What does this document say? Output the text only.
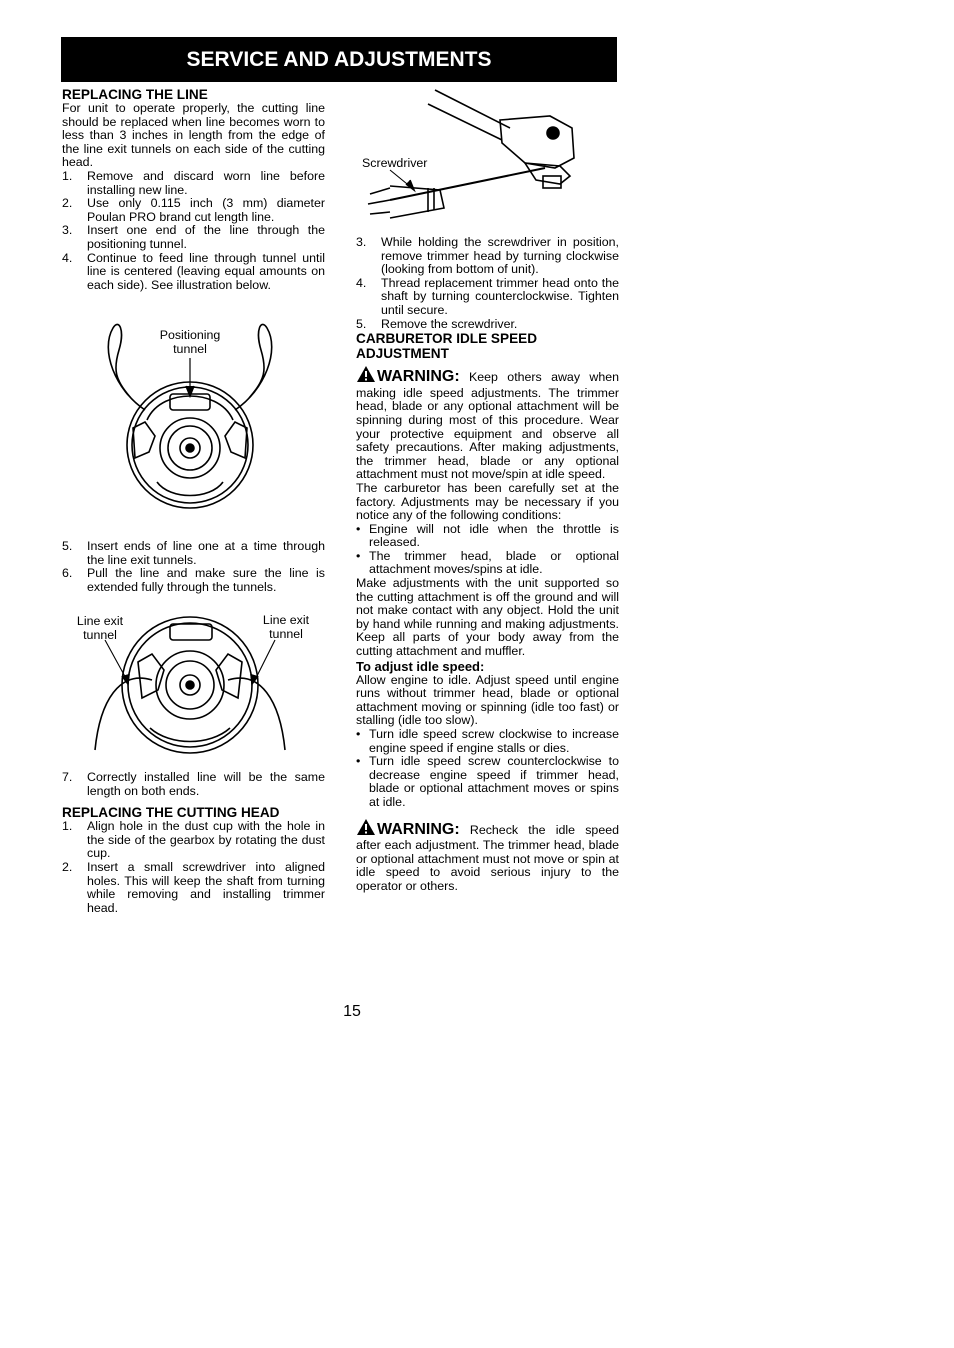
SERVICE AND ADJUSTMENTS
REPLACING THE LINE

For unit to operate properly, the cutting line should be replaced when line becomes worn to less than 3 inches in length from the edge of the line exit tunnels on each side of the cutting head.

1. Remove and discard worn line before installing new line.
2. Use only 0.115 inch (3 mm) diameter Poulan PRO brand cut length line.
3. Insert one end of the line through the positioning tunnel.
4. Continue to feed line through tunnel until line is centered (leaving equal amounts on each side). See illustration below.
Positioning tunnel
5. Insert ends of line one at a time through the line exit tunnels.
6. Pull the line and make sure the line is extended fully through the tunnels.
Line exit tunnel
Line exit tunnel
7. Correctly installed line will be the same length on both ends.
REPLACING THE CUTTING HEAD
1. Align hole in the dust cup with the hole in the side of the gearbox by rotating the dust cup.
2. Insert a small screwdriver into aligned holes. This will keep the shaft from turning while removing and installing trimmer head.
Screwdriver
3. While holding the screwdriver in position, remove trimmer head by turning clockwise (looking from bottom of unit).
4. Thread replacement trimmer head onto the shaft by turning counterclockwise. Tighten until secure.
5. Remove the screwdriver.
CARBURETOR IDLE SPEED ADJUSTMENT

WARNING: Keep others away when making idle speed adjustments. The trimmer head, blade or any optional attachment will be spinning during most of this procedure. Wear your protective equipment and observe all safety precautions. After making adjustments, the trimmer head, blade or any optional attachment must not move/spin at idle speed.

The carburetor has been carefully set at the factory. Adjustments may be necessary if you notice any of the following conditions:

• Engine will not idle when the throttle is released.
• The trimmer head, blade or optional attachment moves/spins at idle.

Make adjustments with the unit supported so the cutting attachment is off the ground and will not make contact with any object. Hold the unit by hand while running and making adjustments. Keep all parts of your body away from the cutting attachment and muffler.

To adjust idle speed:

Allow engine to idle. Adjust speed until engine runs without trimmer head, blade or optional attachment moving or spinning (idle too fast) or stalling (idle too slow).

• Turn idle speed screw clockwise to increase engine speed if engine stalls or dies.
• Turn idle speed screw counterclockwise to decrease engine speed if trimmer head, blade or optional attachment moves or spins at idle.

WARNING: Recheck the idle speed after each adjustment. The trimmer head, blade or optional attachment must not move or spin at idle speed to avoid serious injury to the operator or others.

15
